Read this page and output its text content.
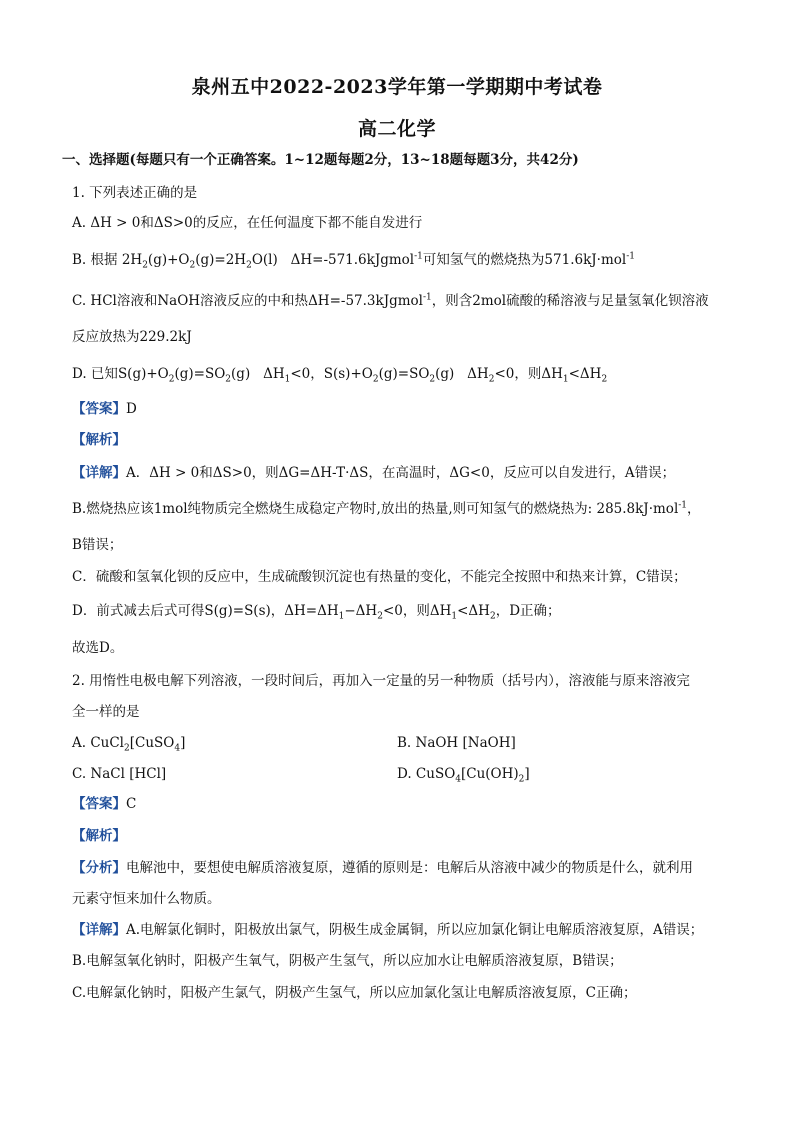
泉州五中2022-2023学年第一学期期中考试卷
高二化学
一、选择题(每题只有一个正确答案。1~12题每题2分，13~18题每题3分，共42分)
1. 下列表述正确的是
A. ΔH > 0和ΔS>0的反应，在任何温度下都不能自发进行
B. 根据 $2H_2(g)+O_2(g)=2H_2O(l)$   ΔH=-571.6kJgmol$^{-1}$可知氢气的燃烧热为571.6kJ·mol$^{-1}$
C. HCl溶液和NaOH溶液反应的中和热ΔH=-57.3kJgmol$^{-1}$，则含2mol硫酸的稀溶液与足量氢氧化钡溶液
反应放热为229.2kJ
D. 已知$S(g)+O_2(g)=SO_2(g)$   $\Delta H_1<0$，$S(s)+O_2(g)=SO_2(g)$   $\Delta H_2<0$，则$\Delta H_1<\Delta H_2$
【答案】D
【解析】
【详解】A．ΔH > 0和ΔS>0，则ΔG=ΔH-T·ΔS，在高温时，ΔG<0，反应可以自发进行，A错误；
B.燃烧热应该1mol纯物质完全燃烧生成稳定产物时,放出的热量,则可知氢气的燃烧热为: 285.8kJ·mol$^{-1}$，
B错误；
C．硫酸和氢氧化钡的反应中，生成硫酸钡沉淀也有热量的变化，不能完全按照中和热来计算，C错误；
D．前式减去后式可得S(g)=S(s)，$\Delta H=\Delta H_1-\Delta H_2<0$，则$\Delta H_1<\Delta H_2$，D正确；
故选D。
2. 用惰性电极电解下列溶液，一段时间后，再加入一定量的另一种物质（括号内），溶液能与原来溶液完
全一样的是
A. CuCl$_2$[CuSO$_4$]	B. NaOH [NaOH]
C. NaCl [HCl]	D. $CuSO_4[Cu(OH)_2]$
【答案】C
【解析】
【分析】电解池中，要想使电解质溶液复原，遵循的原则是：电解后从溶液中减少的物质是什么，就利用
元素守恒来加什么物质。
【详解】A.电解氯化铜时，阳极放出氯气，阴极生成金属铜，所以应加氯化铜让电解质溶液复原，A错误；
B.电解氢氧化钠时，阳极产生氧气，阴极产生氢气，所以应加水让电解质溶液复原，B错误；
C.电解氯化钠时，阳极产生氯气，阴极产生氢气，所以应加氯化氢让电解质溶液复原，C正确；
